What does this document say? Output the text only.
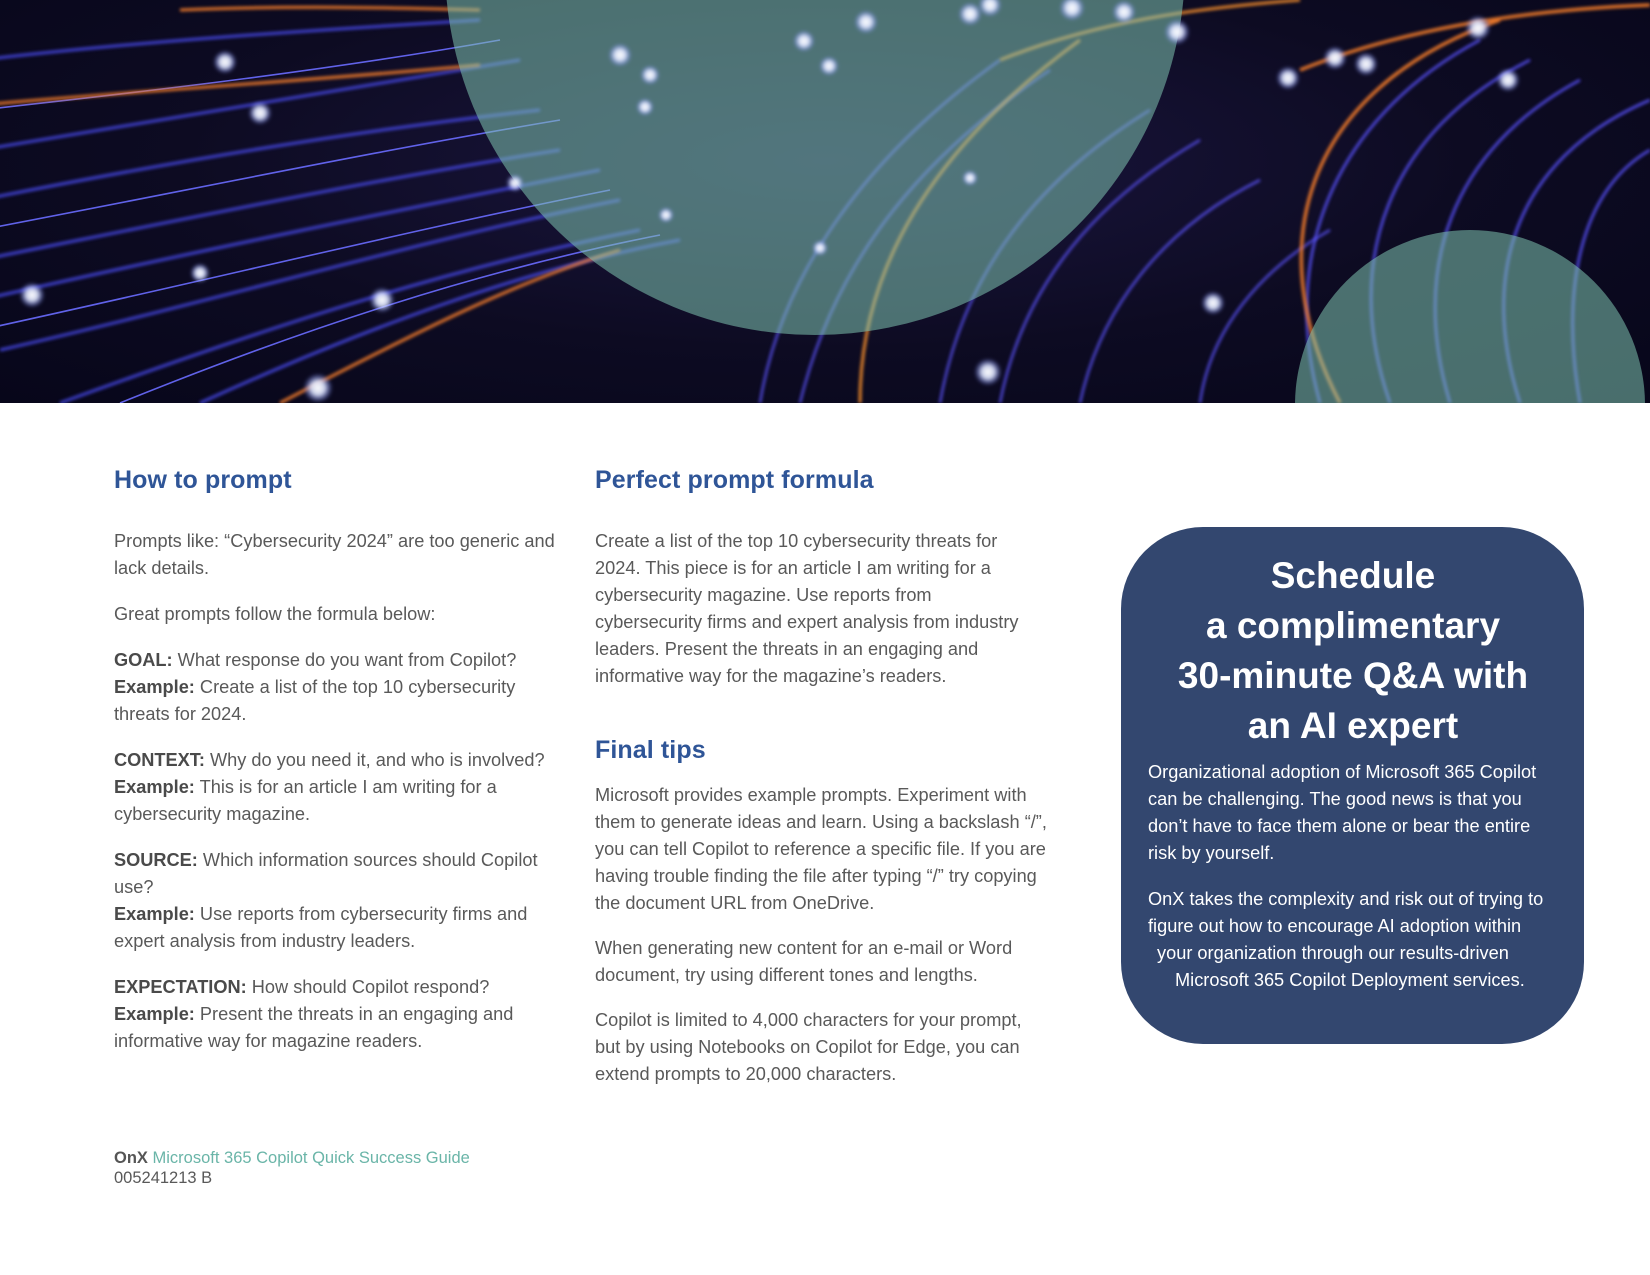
How to prompt

Prompts like: “Cybersecurity 2024” are too generic and lack details.

Great prompts follow the formula below:

GOAL: What response do you want from Copilot?
Example: Create a list of the top 10 cybersecurity threats for 2024.

CONTEXT: Why do you need it, and who is involved?
Example: This is for an article I am writing for a cybersecurity magazine.

SOURCE: Which information sources should Copilot use?
Example: Use reports from cybersecurity firms and expert analysis from industry leaders.

EXPECTATION: How should Copilot respond?
Example: Present the threats in an engaging and informative way for magazine readers.

Perfect prompt formula

Create a list of the top 10 cybersecurity threats for 2024. This piece is for an article I am writing for a cybersecurity magazine. Use reports from cybersecurity firms and expert analysis from industry leaders. Present the threats in an engaging and informative way for the magazine’s readers.

Final tips

Microsoft provides example prompts. Experiment with them to generate ideas and learn. Using a backslash “/”, you can tell Copilot to reference a specific file. If you are having trouble finding the file after typing “/” try copying the document URL from OneDrive.

When generating new content for an e-mail or Word document, try using different tones and lengths.

Copilot is limited to 4,000 characters for your prompt, but by using Notebooks on Copilot for Edge, you can extend prompts to 20,000 characters.

Schedule
a complimentary
30-minute Q&A with
an AI expert

Organizational adoption of Microsoft 365 Copilot can be challenging. The good news is that you don’t have to face them alone or bear the entire risk by yourself.

OnX takes the complexity and risk out of trying to
figure out how to encourage AI adoption within
your organization through our results-driven
Microsoft 365 Copilot Deployment services.

OnX Microsoft 365 Copilot Quick Success Guide
005241213 B
